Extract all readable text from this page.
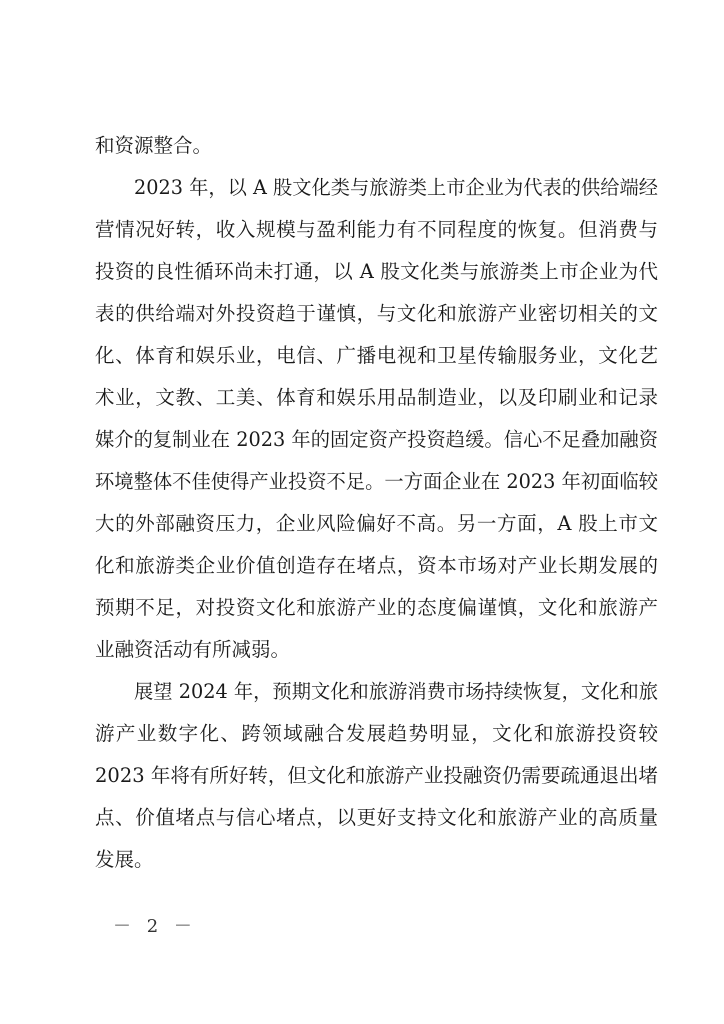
和资源整合。
2023 年，以 A 股文化类与旅游类上市企业为代表的供给端经
营情况好转，收入规模与盈利能力有不同程度的恢复。但消费与
投资的良性循环尚未打通，以 A 股文化类与旅游类上市企业为代
表的供给端对外投资趋于谨慎，与文化和旅游产业密切相关的文
化、体育和娱乐业，电信、广播电视和卫星传输服务业，文化艺
术业，文教、工美、体育和娱乐用品制造业，以及印刷业和记录
媒介的复制业在 2023 年的固定资产投资趋缓。信心不足叠加融资
环境整体不佳使得产业投资不足。一方面企业在 2023 年初面临较
大的外部融资压力，企业风险偏好不高。另一方面，A 股上市文
化和旅游类企业价值创造存在堵点，资本市场对产业长期发展的
预期不足，对投资文化和旅游产业的态度偏谨慎，文化和旅游产
业融资活动有所减弱。
展望 2024 年，预期文化和旅游消费市场持续恢复，文化和旅
游产业数字化、跨领域融合发展趋势明显，文化和旅游投资较
2023 年将有所好转，但文化和旅游产业投融资仍需要疏通退出堵
点、价值堵点与信心堵点，以更好支持文化和旅游产业的高质量
发展。
－ 2 －
